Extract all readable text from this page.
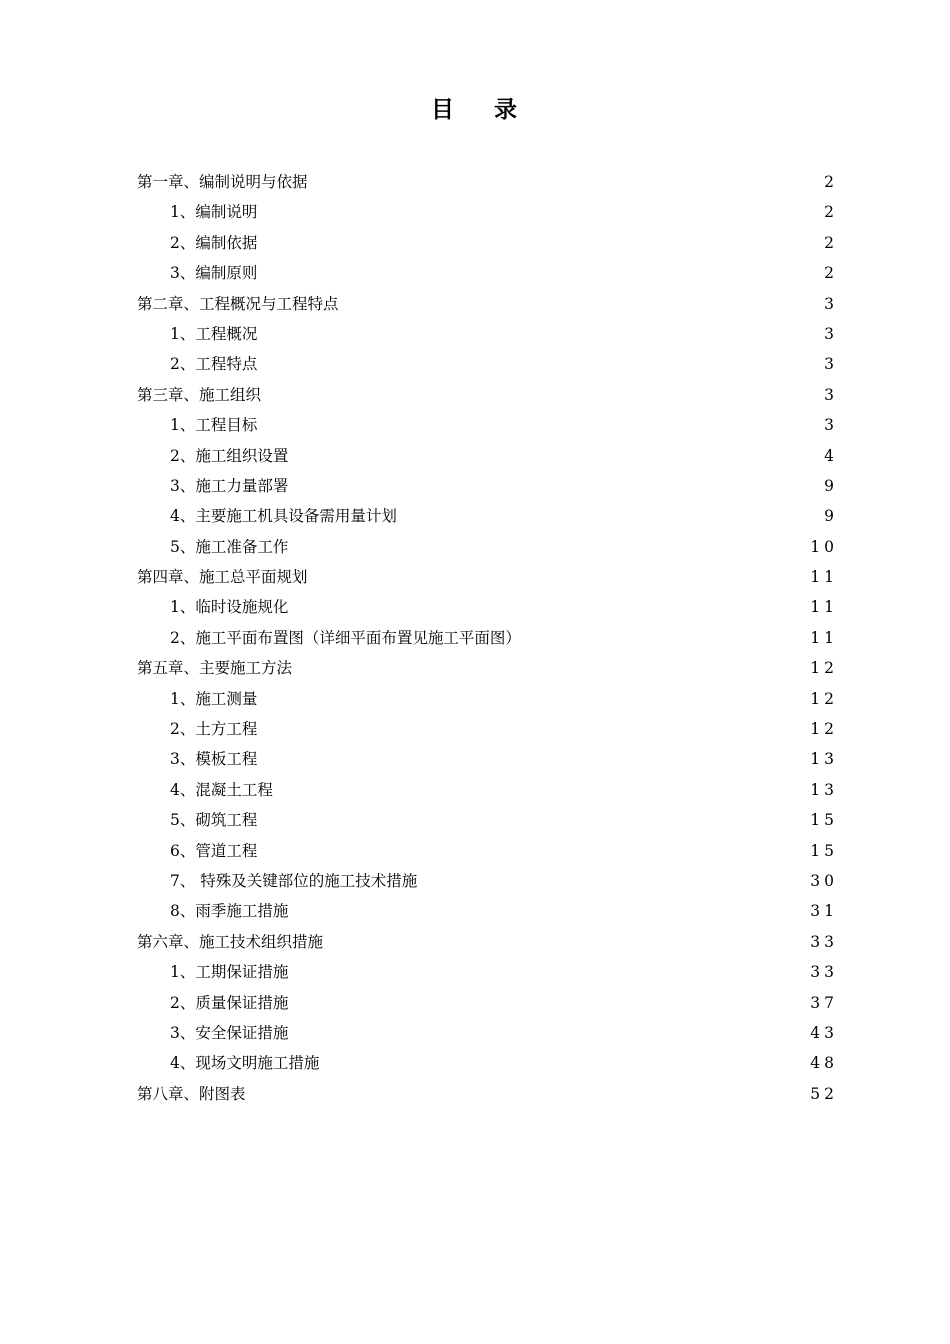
目 录
第一章、编制说明与依据	2
1、编制说明	2
2、编制依据	2
3、编制原则	2
第二章、工程概况与工程特点	3
1、工程概况	3
2、工程特点	3
第三章、施工组织	3
1、工程目标	3
2、施工组织设置	4
3、施工力量部署	9
4、主要施工机具设备需用量计划	9
5、施工准备工作	10
第四章、施工总平面规划	11
1、临时设施规化	11
2、施工平面布置图（详细平面布置见施工平面图）	11
第五章、主要施工方法	12
1、施工测量	12
2、土方工程	12
3、模板工程	13
4、混凝土工程	13
5、砌筑工程	15
6、管道工程	15
7、 特殊及关键部位的施工技术措施	30
8、雨季施工措施	31
第六章、施工技术组织措施	33
1、工期保证措施	33
2、质量保证措施	37
3、安全保证措施	43
4、现场文明施工措施	48
第八章、附图表	52
